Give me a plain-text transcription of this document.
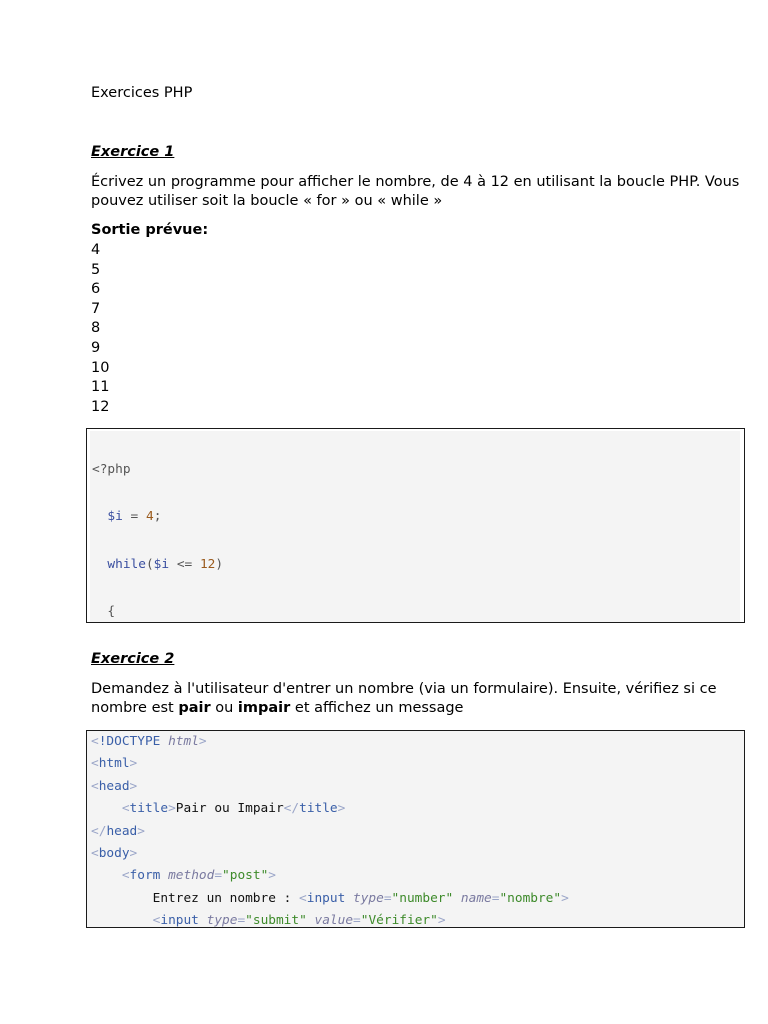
Exercices PHP
Exercice 1
Écrivez un programme pour afficher le nombre, de 4 à 12 en utilisant la boucle PHP. Vous pouvez utiliser soit la boucle « for » ou « while »
Sortie prévue:
4
5
6
7
8
9
10
11
12

<?php

$i = 4;

while($i <= 12)

{

Exercice 2
Demandez à l'utilisateur d'entrer un nombre (via un formulaire). Ensuite, vérifiez si ce nombre est pair ou impair et affichez un message
<!DOCTYPE html>
<html>
<head>
<title>Pair ou Impair</title>
</head>
<body>
<form method="post">
Entrez un nombre : <input type="number" name="nombre">
<input type="submit" value="Vérifier">
